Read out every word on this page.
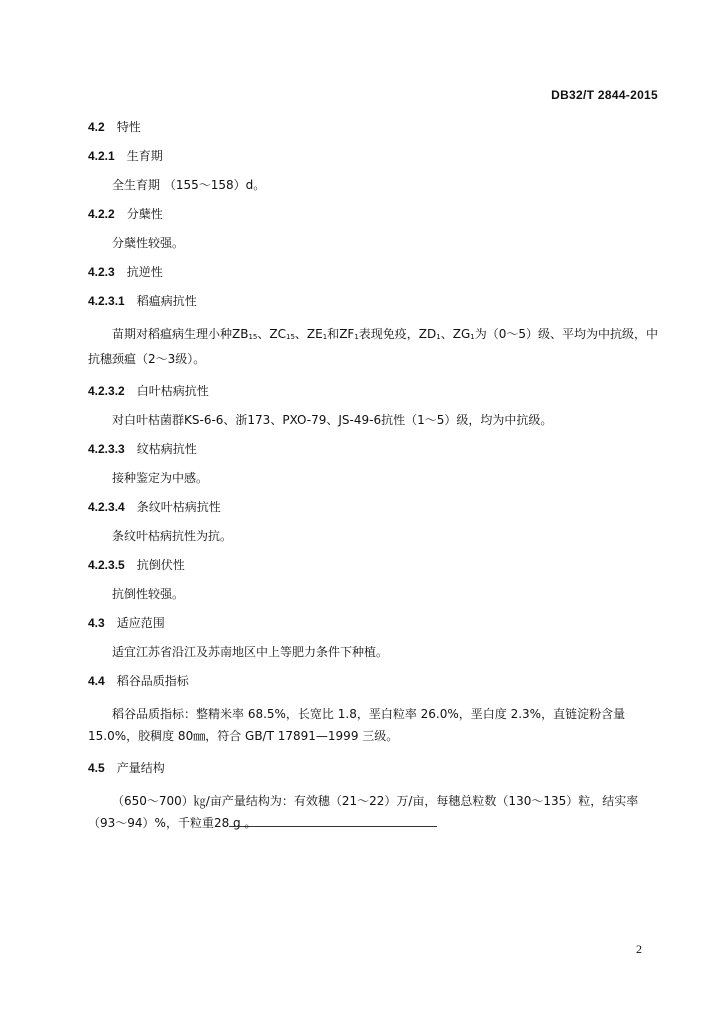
DB32/T 2844-2015
4.2 特性
4.2.1 生育期

全生育期 （155～158）d。

4.2.2 分蘖性

分蘖性较强。

4.2.3 抗逆性
4.2.3.1 稻瘟病抗性

苗期对稻瘟病生理小种$ZB_{15}$、$ZC_{15}$、$ZE_1$和$ZF_1$表现免疫，$ZD_1$、$ZG_1$为（0～5）级、平均为中抗级，中抗穗颈瘟（2～3级）。

4.2.3.2 白叶枯病抗性

对白叶枯菌群KS-6-6、浙173、PXO-79、JS-49-6抗性（1～5）级，均为中抗级。

4.2.3.3 纹枯病抗性

接种鉴定为中感。

4.2.3.4 条纹叶枯病抗性

条纹叶枯病抗性为抗。

4.2.3.5 抗倒伏性

抗倒性较强。

4.3 适应范围

适宜江苏省沿江及苏南地区中上等肥力条件下种植。

4.4 稻谷品质指标

稻谷品质指标：整精米率 68.5%，长宽比 1.8，垩白粒率 26.0%，垩白度 2.3%，直链淀粉含量 15.0%，胶稠度 80㎜，符合 GB/T 17891—1999 三级。

4.5 产量结构

（650～700）㎏/亩产量结构为：有效穗（21～22）万/亩，每穗总粒数（130～135）粒，结实率（93～94）%，千粒重28 g 。

2
